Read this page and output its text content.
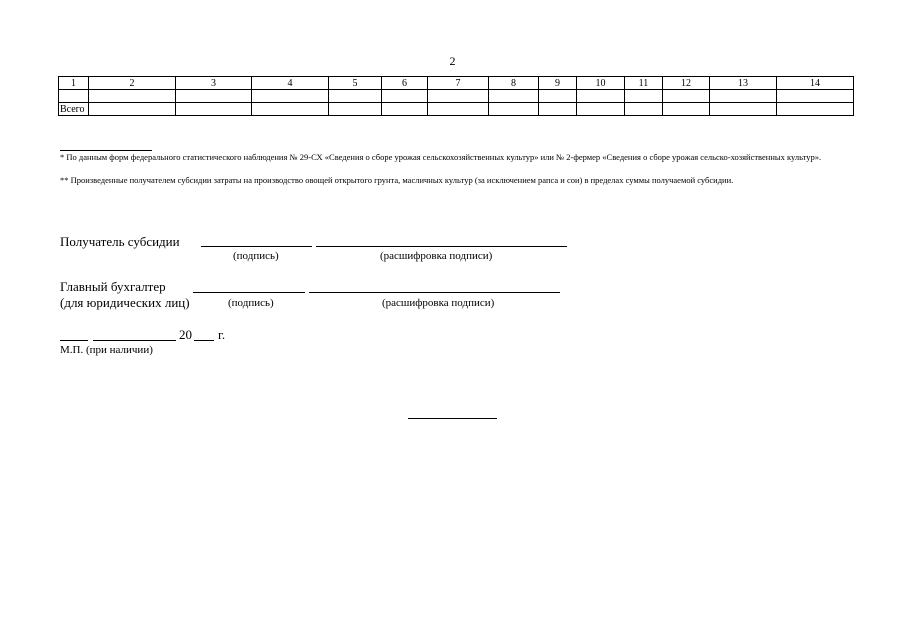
2
1	2	3	4	5	6	7	8	9	10	11	12	13	14

Всего													
* По данным форм федерального статистического наблюдения № 29-СХ «Сведения о сборе урожая сельскохозяйственных культур» или № 2-фермер «Сведения о сборе урожая сельско-хозяйственных культур».
** Произведенные получателем субсидии затраты на производство овощей открытого грунта, масличных культур (за исключением рапса и сои) в пределах суммы получаемой субсидии.
Получатель субсидии
(подпись)	(расшифровка подписи)
Главный бухгалтер
(для юридических лиц)	(подпись)	(расшифровка подписи)
20 г.
М.П. (при наличии)
